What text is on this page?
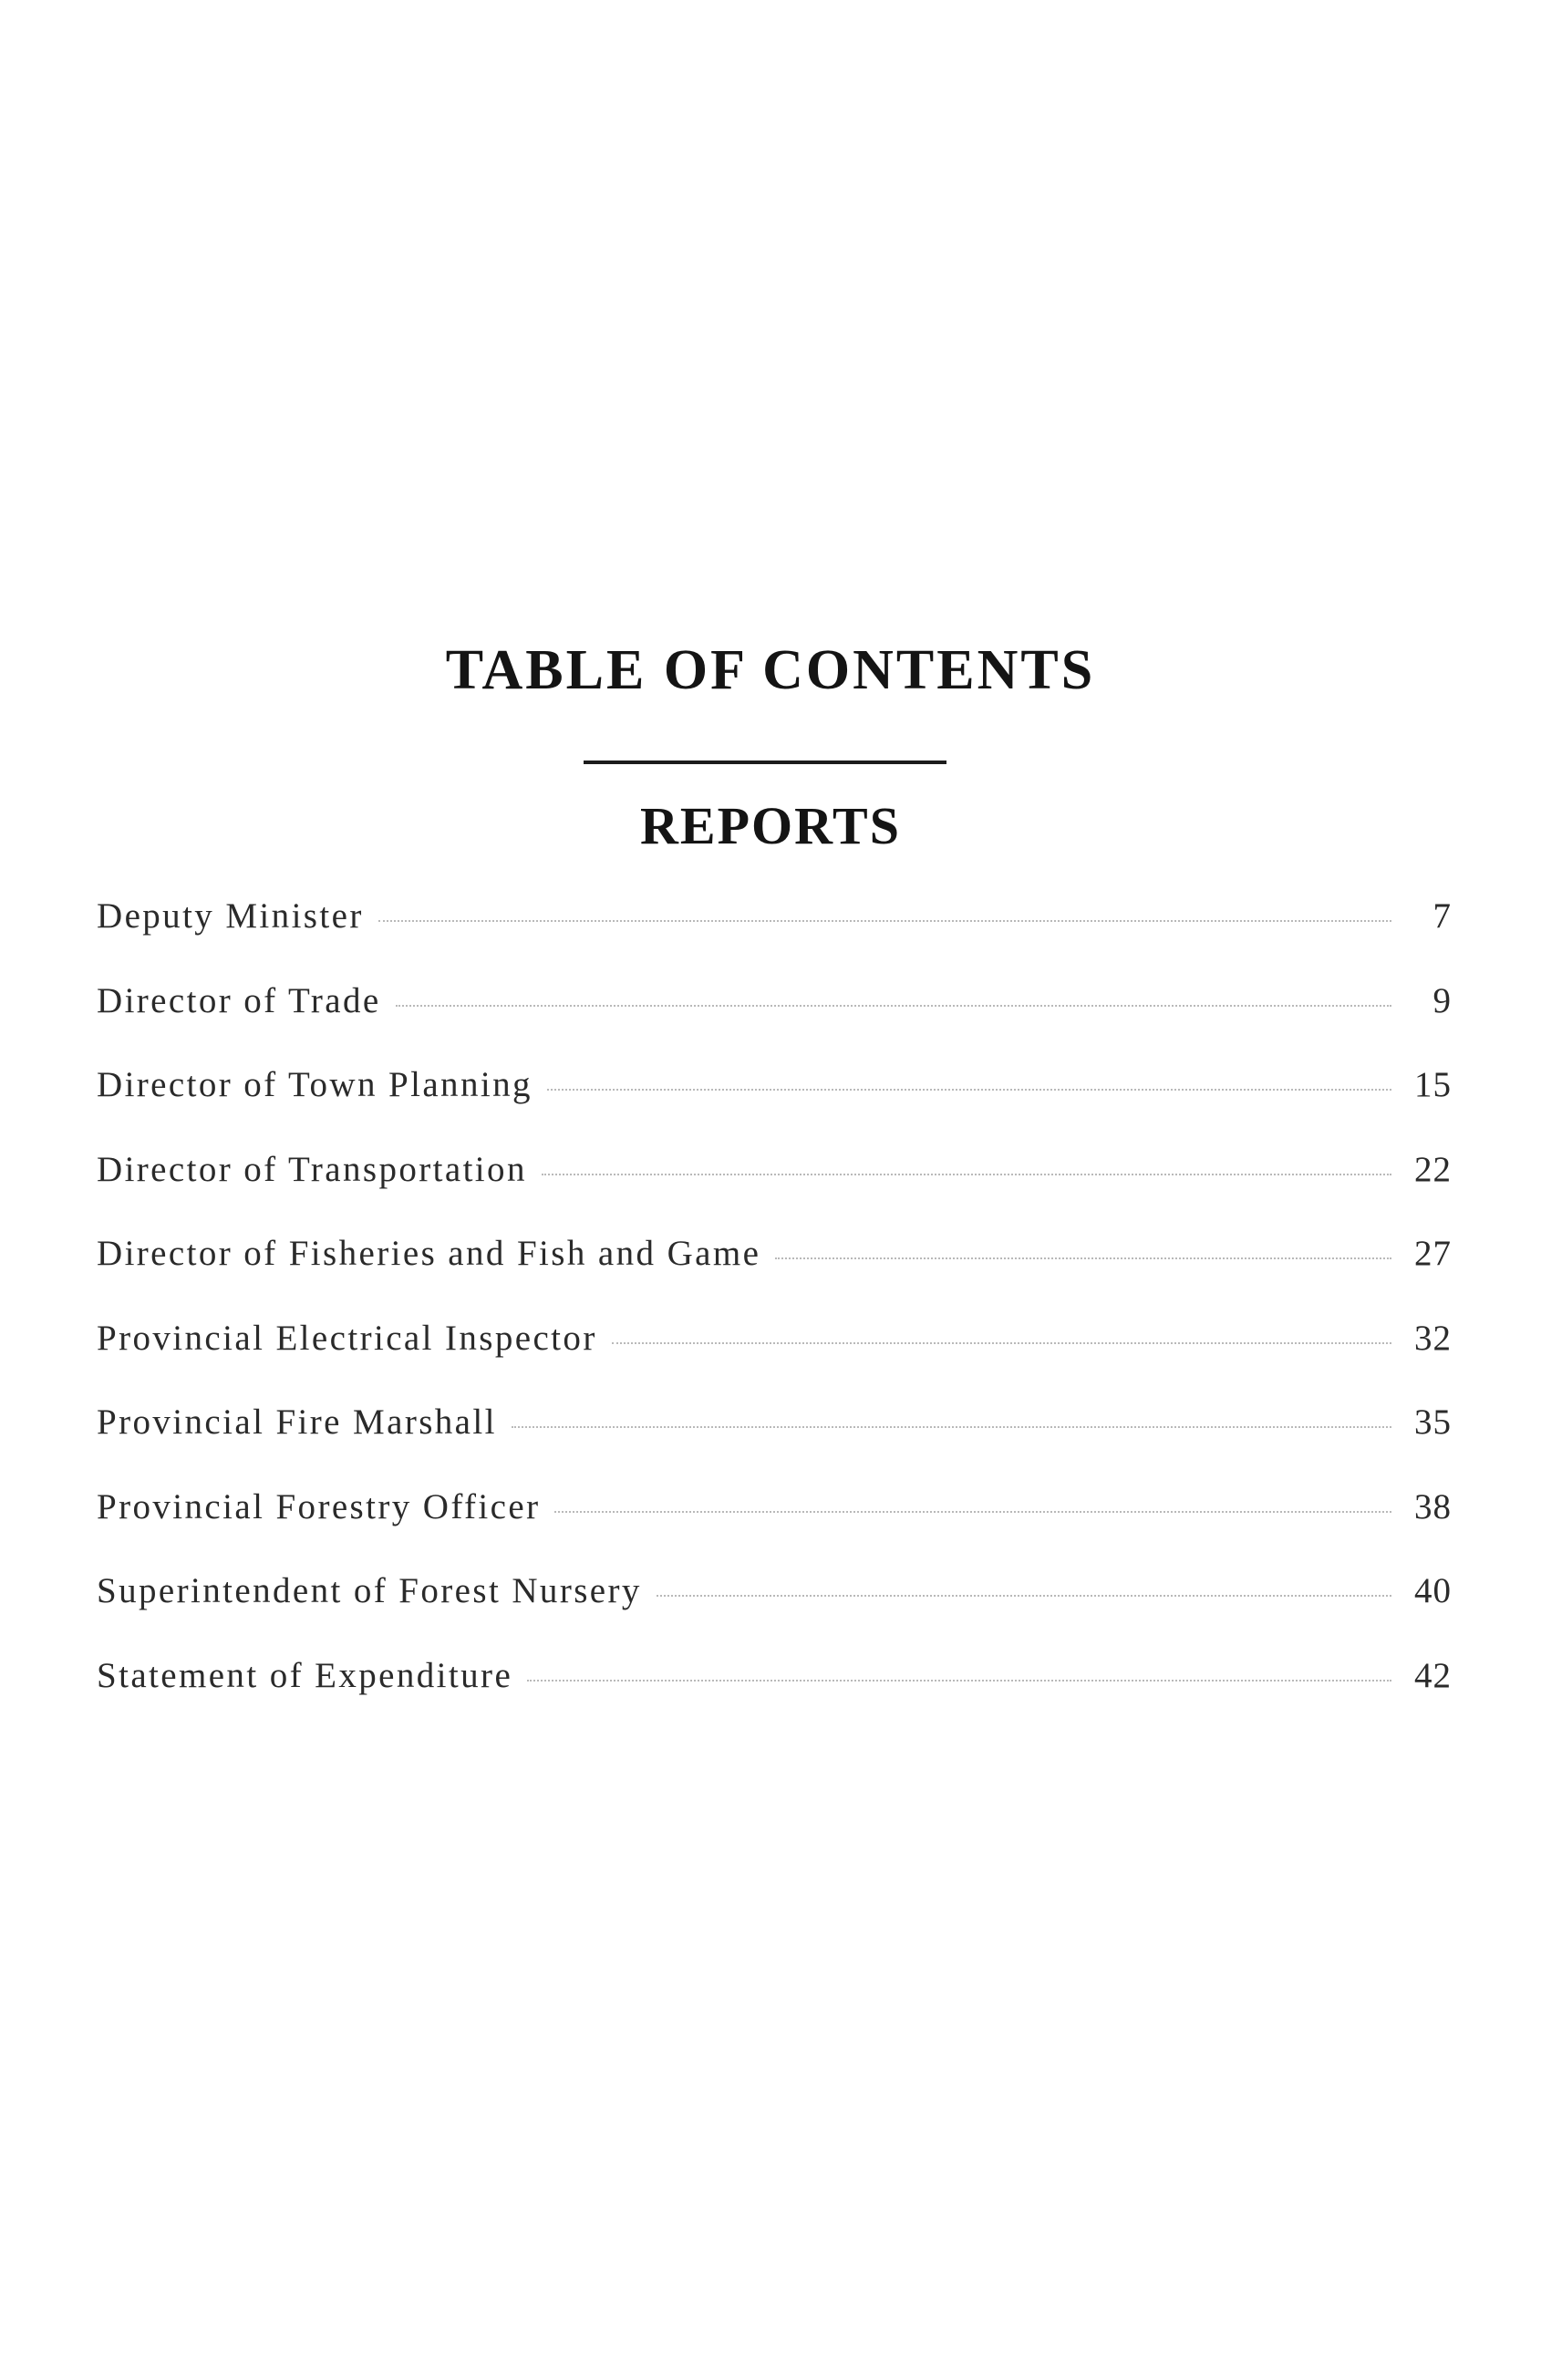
TABLE OF CONTENTS
REPORTS
Deputy Minister	7
Director of Trade	9
Director of Town Planning	15
Director of Transportation	22
Director of Fisheries and Fish and Game	27
Provincial Electrical Inspector	32
Provincial Fire Marshall	35
Provincial Forestry Officer	38
Superintendent of Forest Nursery	40
Statement of Expenditure	42
